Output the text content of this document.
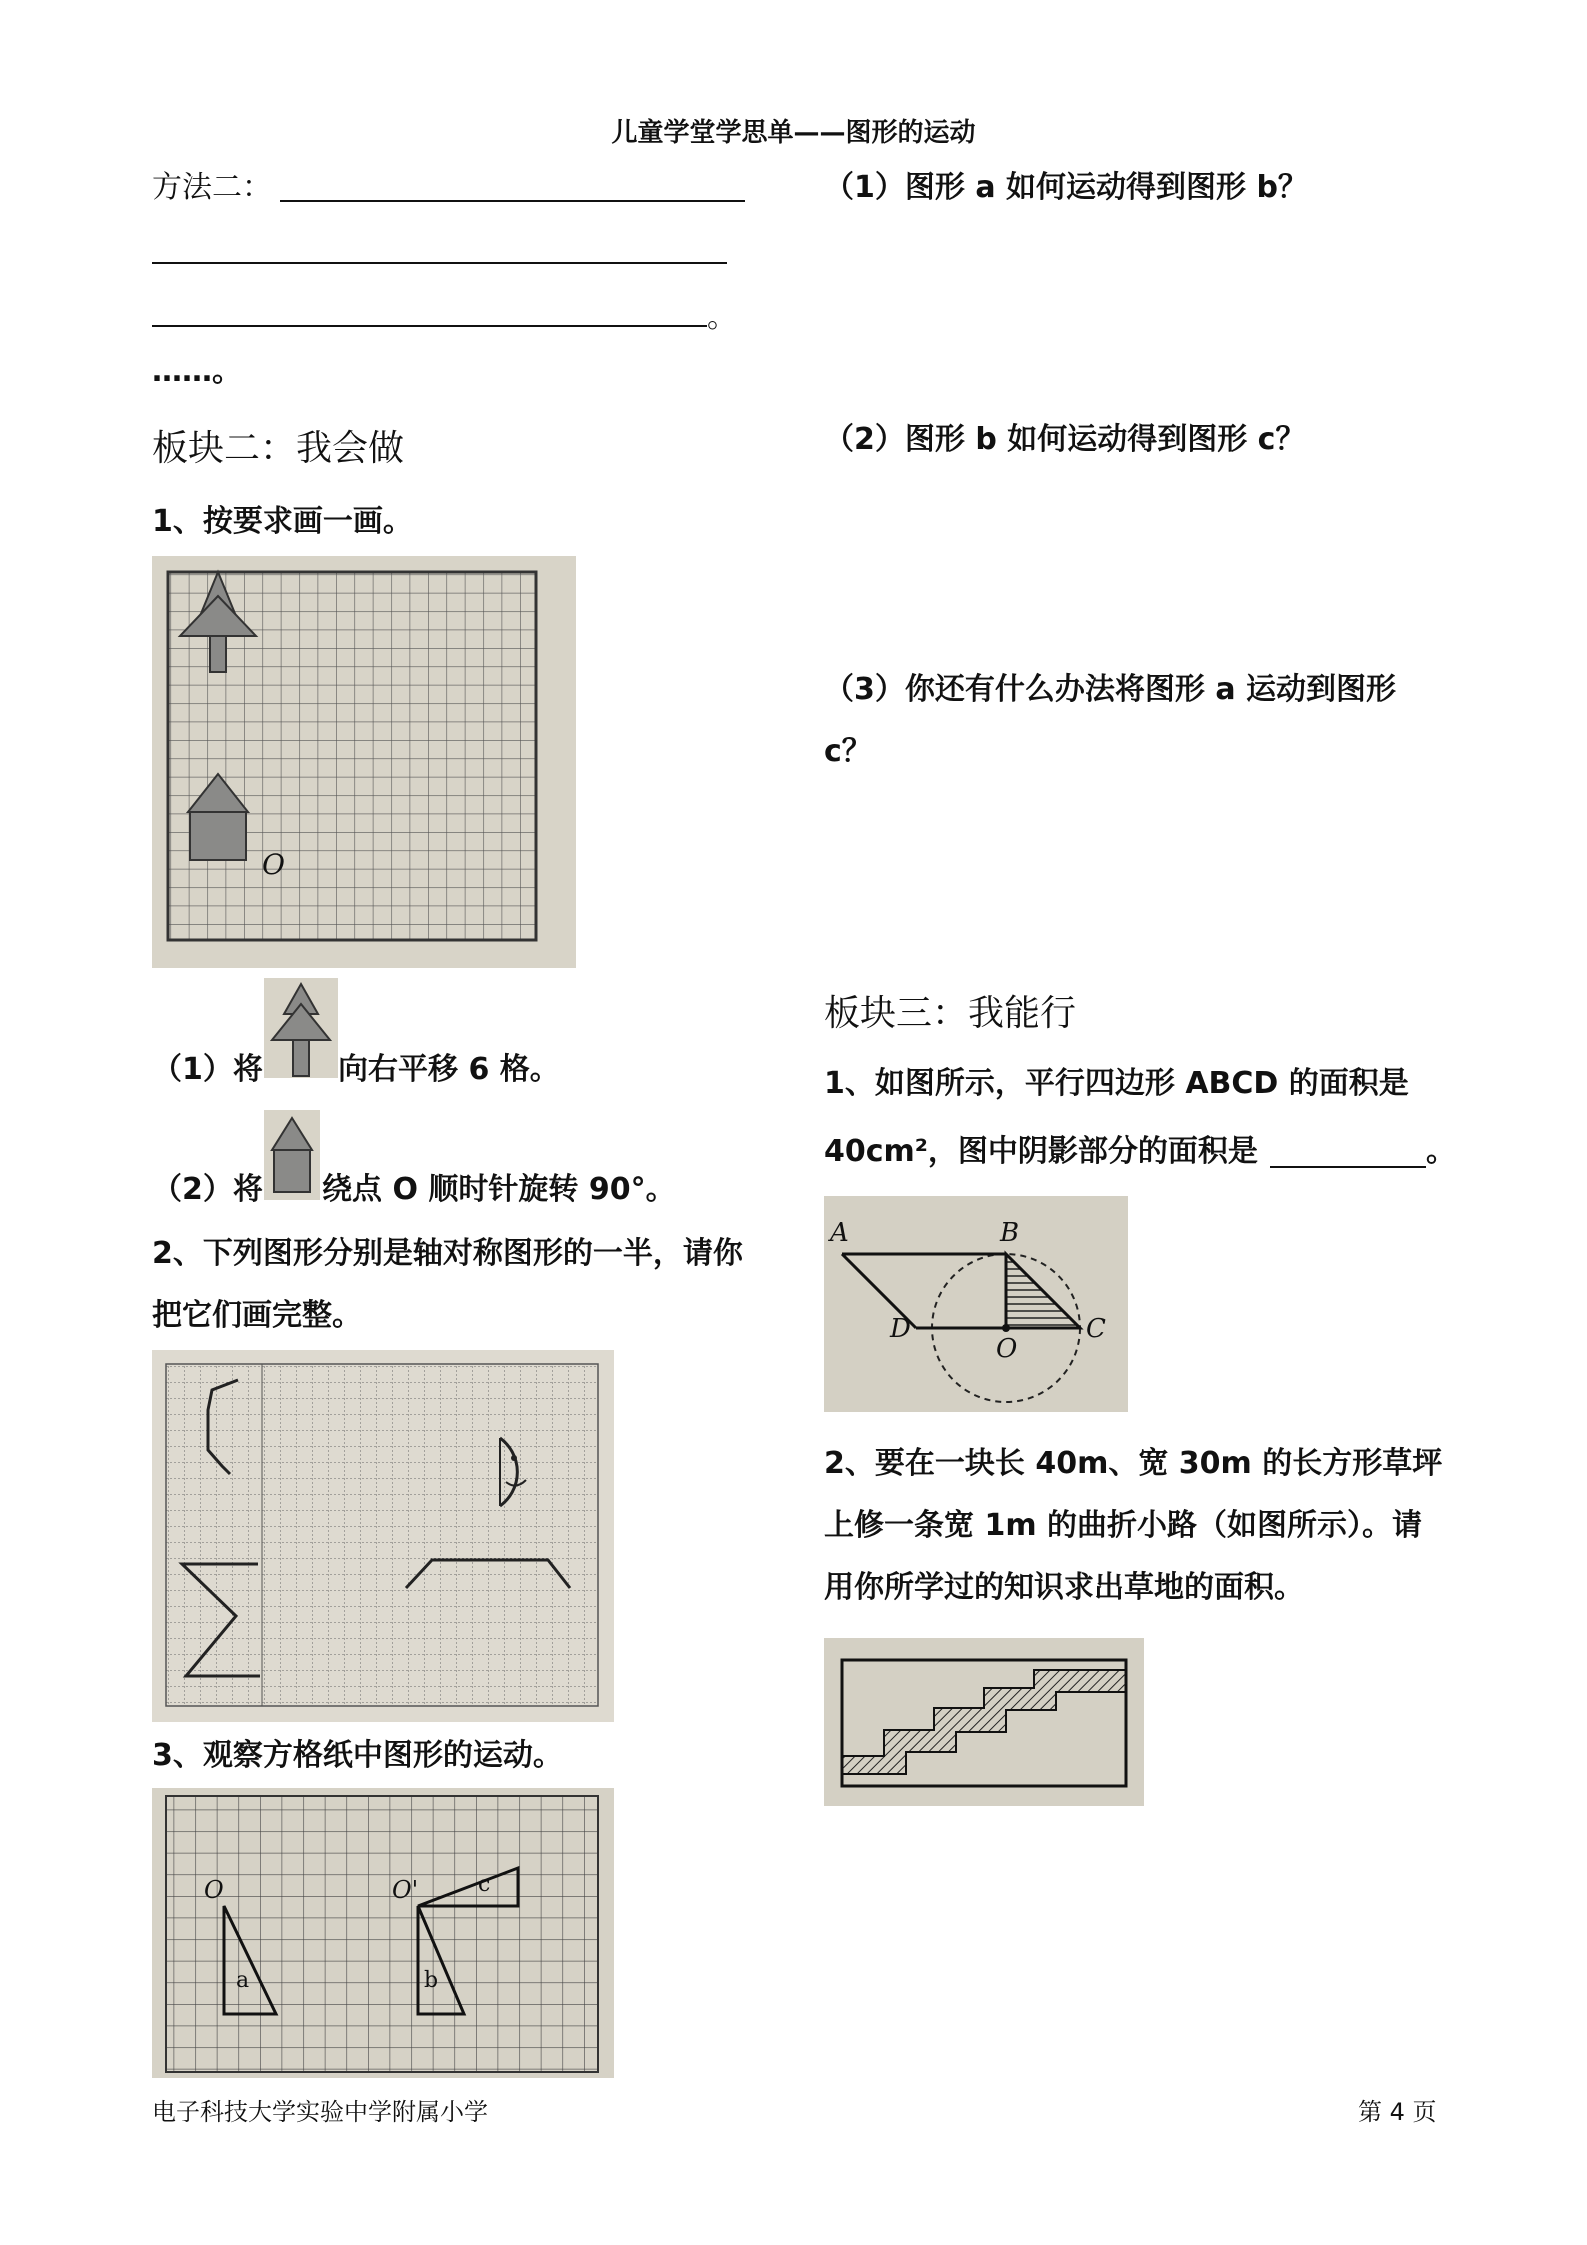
儿童学堂学思单——图形的运动
方法二：
。
……。
板块二：我会做
1、按要求画一画。
O
（1）将	向右平移 6 格。
（2）将 绕点 O 顺时针旋转 90°。
2、下列图形分别是轴对称图形的一半，请你
把它们画完整。
3、观察方格纸中图形的运动。
O	O'
a	b
c
（1）图形 a 如何运动得到图形 b？
（2）图形 b 如何运动得到图形 c？
（3）你还有什么办法将图形 a 运动到图形
c？
板块三：我能行
1、如图所示，平行四边形 ABCD 的面积是
40cm²，图中阴影部分的面积是	。
A	B
C
D
O
2、要在一块长 40m、宽 30m 的长方形草坪
上修一条宽 1m 的曲折小路（如图所示）。请
用你所学过的知识求出草地的面积。
电子科技大学实验中学附属小学	第 4 页
